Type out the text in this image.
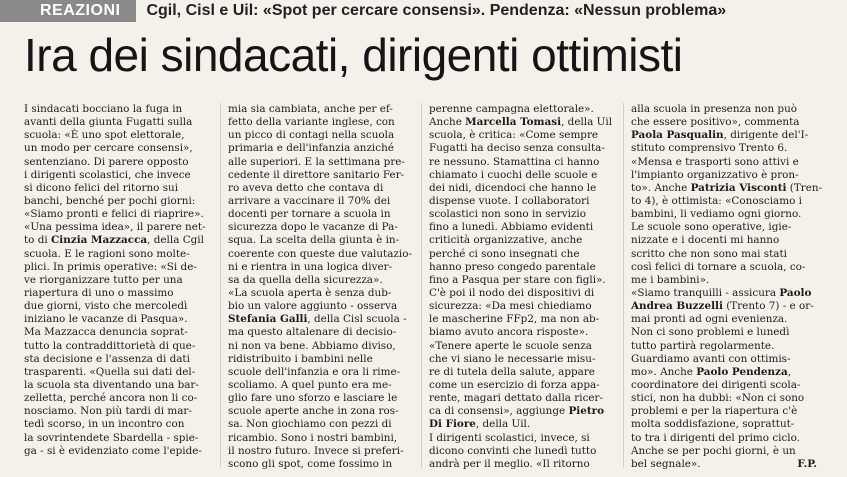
REAZIONI	Cgil, Cisl e Uil: «Spot per cercare consensi». Pendenza: «Nessun problema»
Ira dei sindacati, dirigenti ottimisti
I sindacati bocciano la fuga in
avanti della giunta Fugatti sulla
scuola: «È uno spot elettorale,
un modo per cercare consensi»,
sentenziano. Di parere opposto
i dirigenti scolastici, che invece
si dicono felici del ritorno sui
banchi, benché per pochi giorni:
«Siamo pronti e felici di riaprire».
«Una pessima idea», il parere net-
to di Cinzia Mazzacca, della Cgil
scuola. E le ragioni sono molte-
plici. In primis operative: «Si de-
ve riorganizzare tutto per una
riapertura di uno o massimo
due giorni, visto che mercoledì
iniziano le vacanze di Pasqua».
Ma Mazzacca denuncia soprat-
tutto la contraddittorietà di que-
sta decisione e l'assenza di dati
trasparenti. «Quella sui dati del-
la scuola sta diventando una bar-
zelletta, perché ancora non li co-
nosciamo. Non più tardi di mar-
tedì scorso, in un incontro con
la sovrintendete Sbardella - spie-
ga - si è evidenziato come l'epide-
mia sia cambiata, anche per ef-
fetto della variante inglese, con
un picco di contagi nella scuola
primaria e dell'infanzia anziché
alle superiori. E la settimana pre-
cedente il direttore sanitario Fer-
ro aveva detto che contava di
arrivare a vaccinare il 70% dei
docenti per tornare a scuola in
sicurezza dopo le vacanze di Pa-
squa. La scelta della giunta è in-
coerente con queste due valutazio-
ni e rientra in una logica diver-
sa da quella della sicurezza».
«La scuola aperta è senza dub-
bio un valore aggiunto - osserva
Stefania Galli, della Cisl scuola -
ma questo altalenare di decisio-
ni non va bene. Abbiamo diviso,
ridistribuito i bambini nelle
scuole dell'infanzia e ora li rime-
scoliamo. A quel punto era me-
glio fare uno sforzo e lasciare le
scuole aperte anche in zona ros-
sa. Non giochiamo con pezzi di
ricambio. Sono i nostri bambini,
il nostro futuro. Invece si preferi-
scono gli spot, come fossimo in
perenne campagna elettorale».
Anche Marcella Tomasi, della Uil
scuola, è critica: «Come sempre
Fugatti ha deciso senza consulta-
re nessuno. Stamattina ci hanno
chiamato i cuochi delle scuole e
dei nidi, dicendoci che hanno le
dispense vuote. I collaboratori
scolastici non sono in servizio
fino a lunedì. Abbiamo evidenti
criticità organizzative, anche
perché ci sono insegnati che
hanno preso congedo parentale
fino a Pasqua per stare con figli».
C'è poi il nodo dei dispositivi di
sicurezza: «Da mesi chiediamo
le mascherine FFp2, ma non ab-
biamo avuto ancora risposte».
«Tenere aperte le scuole senza
che vi siano le necessarie misu-
re di tutela della salute, appare
come un esercizio di forza appa-
rente, magari dettato dalla ricer-
ca di consensi», aggiunge Pietro
Di Fiore, della Uil.
I dirigenti scolastici, invece, si
dicono convinti che lunedì tutto
andrà per il meglio. «Il ritorno
alla scuola in presenza non può
che essere positivo», commenta
Paola Pasqualin, dirigente del'I-
stituto comprensivo Trento 6.
«Mensa e trasporti sono attivi e
l'impianto organizzativo è pron-
to». Anche Patrizia Visconti (Tren-
to 4), è ottimista: «Conosciamo i
bambini, li vediamo ogni giorno.
Le scuole sono operative, igie-
nizzate e i docenti mi hanno
scritto che non sono mai stati
così felici di tornare a scuola, co-
me i bambini».
«Siamo tranquilli - assicura Paolo
Andrea Buzzelli (Trento 7) - e or-
mai pronti ad ogni evenienza.
Non ci sono problemi e lunedì
tutto partirà regolarmente.
Guardiamo avanti con ottimis-
mo». Anche Paolo Pendenza,
coordinatore dei dirigenti scola-
stici, non ha dubbi: «Non ci sono
problemi e per la riapertura c'è
molta soddisfazione, soprattut-
to tra i dirigenti del primo ciclo.
Anche se per pochi giorni, è un
bel segnale».	F.P.
